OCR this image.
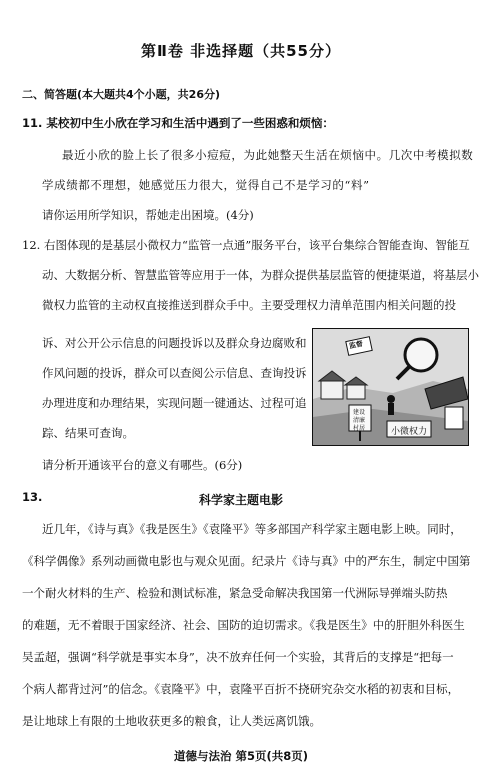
第Ⅱ卷 非选择题（共55分）
二、简答题(本大题共4个小题，共26分)
11. 某校初中生小欣在学习和生活中遇到了一些困惑和烦恼：
最近小欣的脸上长了很多小痘痘，为此她整天生活在烦恼中。几次中考模拟数
学成绩都不理想，她感觉压力很大，觉得自己不是学习的“料”
请你运用所学知识，帮她走出困境。(4分)
12. 右图体现的是基层小微权力“监管一点通”服务平台，该平台集综合智能查询、智能互
动、大数据分析、智慧监管等应用于一体，为群众提供基层监管的便捷渠道，将基层小
微权力监管的主动权直接推送到群众手中。主要受理权力清单范围内相关问题的投
诉、对公开公示信息的问题投诉以及群众身边腐败和
作风问题的投诉，群众可以查阅公示信息、查询投诉
办理进度和办理结果，实现问题一键通达、过程可追
踪、结果可查询。
请分析开通该平台的意义有哪些。(6分)
监督
建设
清廉
村居	小微权力
13.	科学家主题电影
近几年，《诗与真》《我是医生》《袁隆平》等多部国产科学家主题电影上映。同时，
《科学偶像》系列动画微电影也与观众见面。纪录片《诗与真》中的严东生，制定中国第
一个耐火材料的生产、检验和测试标准，紧急受命解决我国第一代洲际导弹端头防热
的难题，无不着眼于国家经济、社会、国防的迫切需求。《我是医生》中的肝胆外科医生
吴孟超，强调“科学就是事实本身”，决不放弃任何一个实验，其背后的支撑是“把每一
个病人都背过河”的信念。《袁隆平》中，袁隆平百折不挠研究杂交水稻的初衷和目标，
是让地球上有限的土地收获更多的粮食，让人类远离饥饿。
道德与法治 第5页(共8页)
